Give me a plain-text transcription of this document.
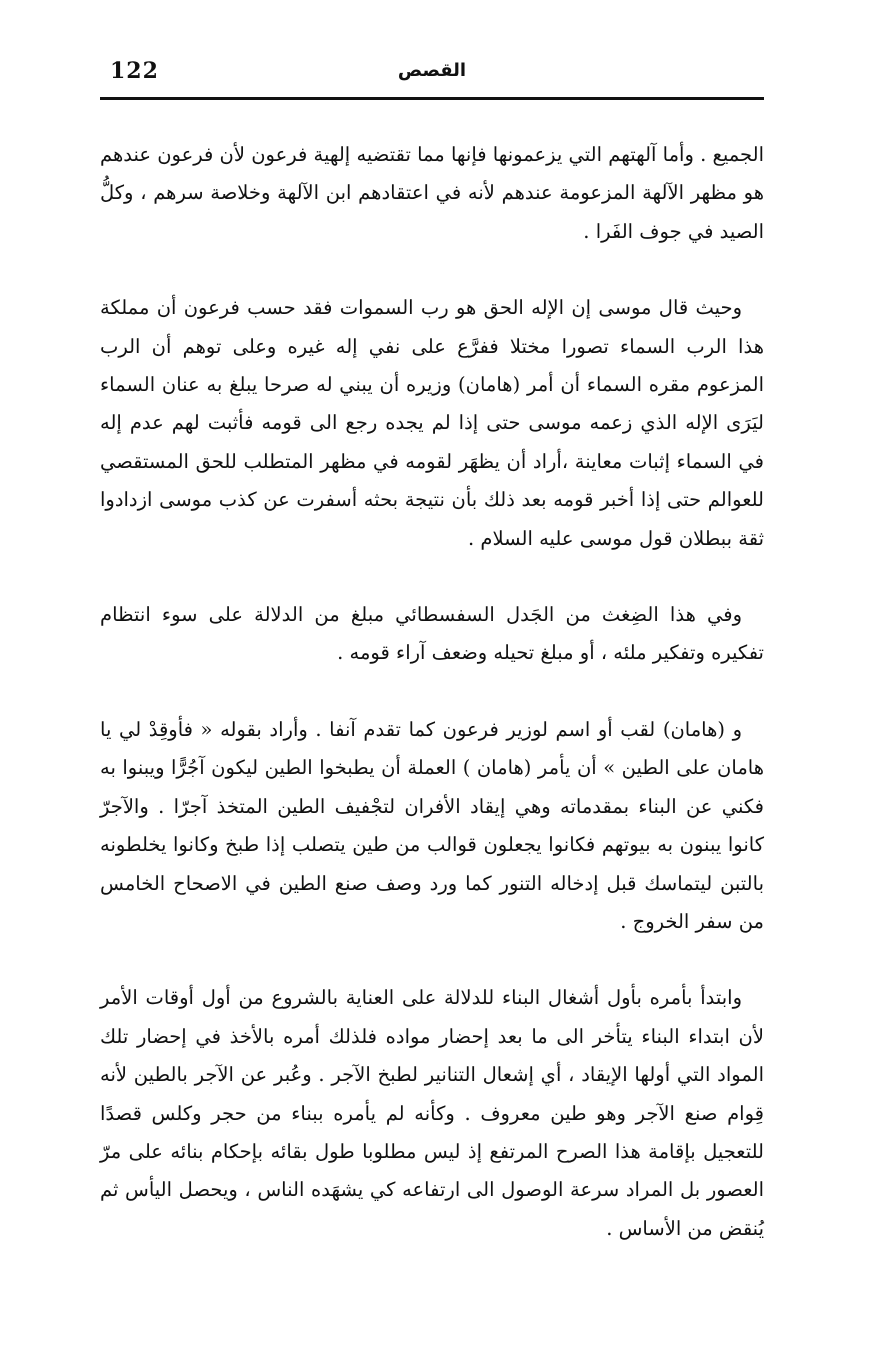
122	القصص

الجميع . وأما آلهتهم التي يزعمونها فإنها مما تقتضيه إلهية فرعون لأن فرعون عندهم هو مظهر الآلهة المزعومة عندهم لأنه في اعتقادهم ابن الآلهة وخلاصة سرهم ، وكلُّ الصيد في جوف الفَرا .

وحيث قال موسى إن الإله الحق هو رب السموات فقد حسب فرعون أن مملكة هذا الرب السماء تصورا مختلا ففرَّع على نفي إله غيره وعلى توهم أن الرب المزعوم مقره السماء أن أمر (هامان) وزيره أن يبني له صرحا يبلغ به عنان السماء ليَرَى الإله الذي زعمه موسى حتى إذا لم يجده رجع الى قومه فأثبت لهم عدم إله في السماء إثبات معاينة ،أراد أن يظهَر لقومه في مظهر المتطلب للحق المستقصي للعوالم حتى إذا أخبر قومه بعد ذلك بأن نتيجة بحثه أسفرت عن كذب موسى ازدادوا ثقة ببطلان قول موسى عليه السلام .

وفي هذا الضِغث من الجَدل السفسطائي مبلغ من الدلالة على سوء انتظام تفكيره وتفكير ملئه ، أو مبلغ تحيله وضعف آراء قومه .

و (هامان) لقب أو اسم لوزير فرعون كما تقدم آنفا . وأراد بقوله « فأوقِدْ لي يا هامان على الطين » أن يأمر (هامان ) العملة أن يطبخوا الطين ليكون آجُرًّا ويبنوا به فكني عن البناء بمقدماته وهي إيقاد الأفران لتجْفيف الطين المتخذ آجرّا . والآجرّ كانوا يبنون به بيوتهم فكانوا يجعلون قوالب من طين يتصلب إذا طبخ وكانوا يخلطونه بالتبن ليتماسك قبل إدخاله التنور كما ورد وصف صنع الطين في الاصحاح الخامس من سفر الخروج .

وابتدأ بأمره بأول أشغال البناء للدلالة على العناية بالشروع من أول أوقات الأمر لأن ابتداء البناء يتأخر الى ما بعد إحضار مواده فلذلك أمره بالأخذ في إحضار تلك المواد التي أولها الإيقاد ، أي إشعال التنانير لطبخ الآجر . وعُبر عن الآجر بالطين لأنه قِوام صنع الآجر وهو طين معروف . وكأنه لم يأمره ببناء من حجر وكلس قصدًا للتعجيل بإقامة هذا الصرح المرتفع إذ ليس مطلوبا طول بقائه بإحكام بنائه على مرّ العصور بل المراد سرعة الوصول الى ارتفاعه كي يشهَده الناس ، ويحصل اليأس ثم يُنقض من الأساس .
